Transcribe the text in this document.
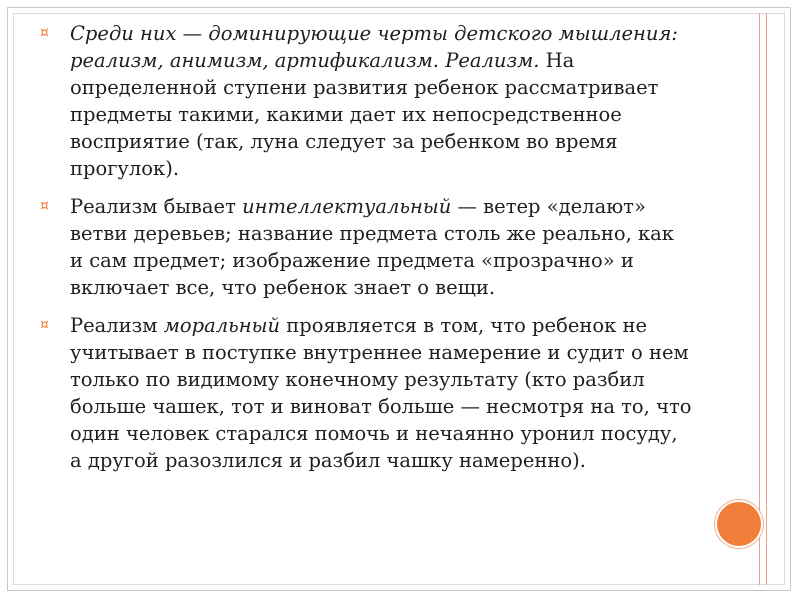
¤ Среди них — доминирующие черты детского мышления: реализм, анимизм, артификализм. Реализм. На определенной ступени развития ребенок рассматривает предметы такими, какими дает их непосредственное восприятие (так, луна следует за ребенком во время прогулок).

¤ Реализм бывает интеллектуальный — ветер «делают» ветви деревьев; название предмета столь же реально, как и сам предмет; изображение предмета «прозрачно» и включает все, что ребенок знает о вещи.

¤ Реализм моральный проявляется в том, что ребенок не учитывает в поступке внутреннее намерение и судит о нем только по видимому конечному результату (кто разбил больше чашек, тот и виноват больше — несмотря на то, что один человек старался помочь и нечаянно уронил посуду, а другой разозлился и разбил чашку намеренно).
